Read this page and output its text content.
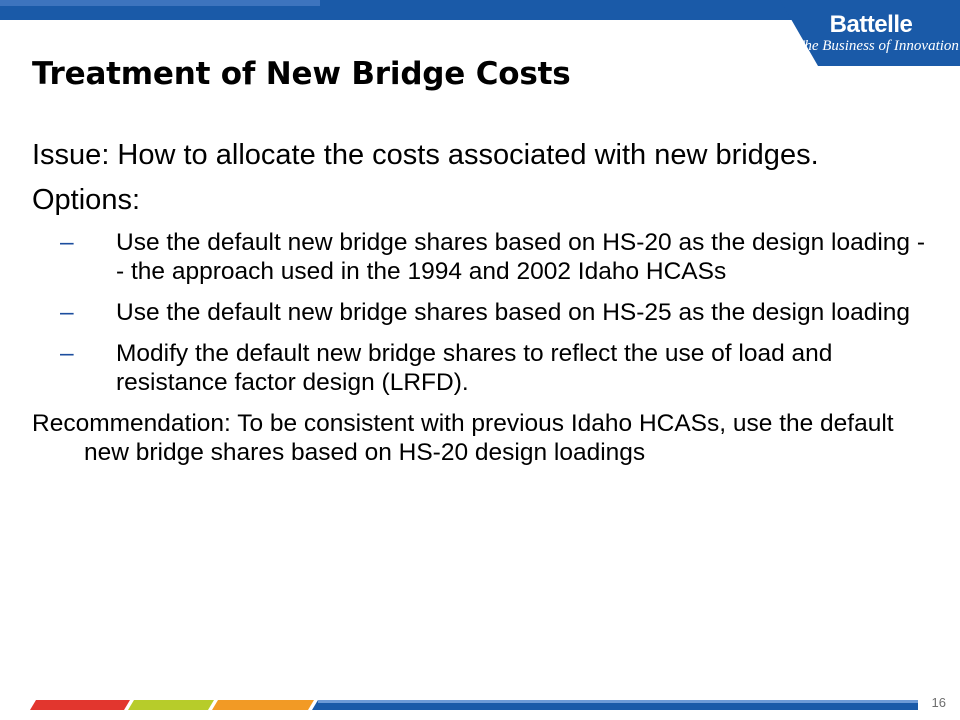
Battelle
The Business of Innovation
Treatment of New Bridge Costs
Issue: How to allocate the costs associated with new bridges.
Options:
– Use the default new bridge shares based on HS-20 as the design loading -- the approach used in the 1994 and 2002 Idaho HCASs
– Use the default new bridge shares based on HS-25 as the design loading
– Modify the default new bridge shares to reflect the use of load and resistance factor design (LRFD).
Recommendation: To be consistent with previous Idaho HCASs, use the default new bridge shares based on HS-20 design loadings
16
